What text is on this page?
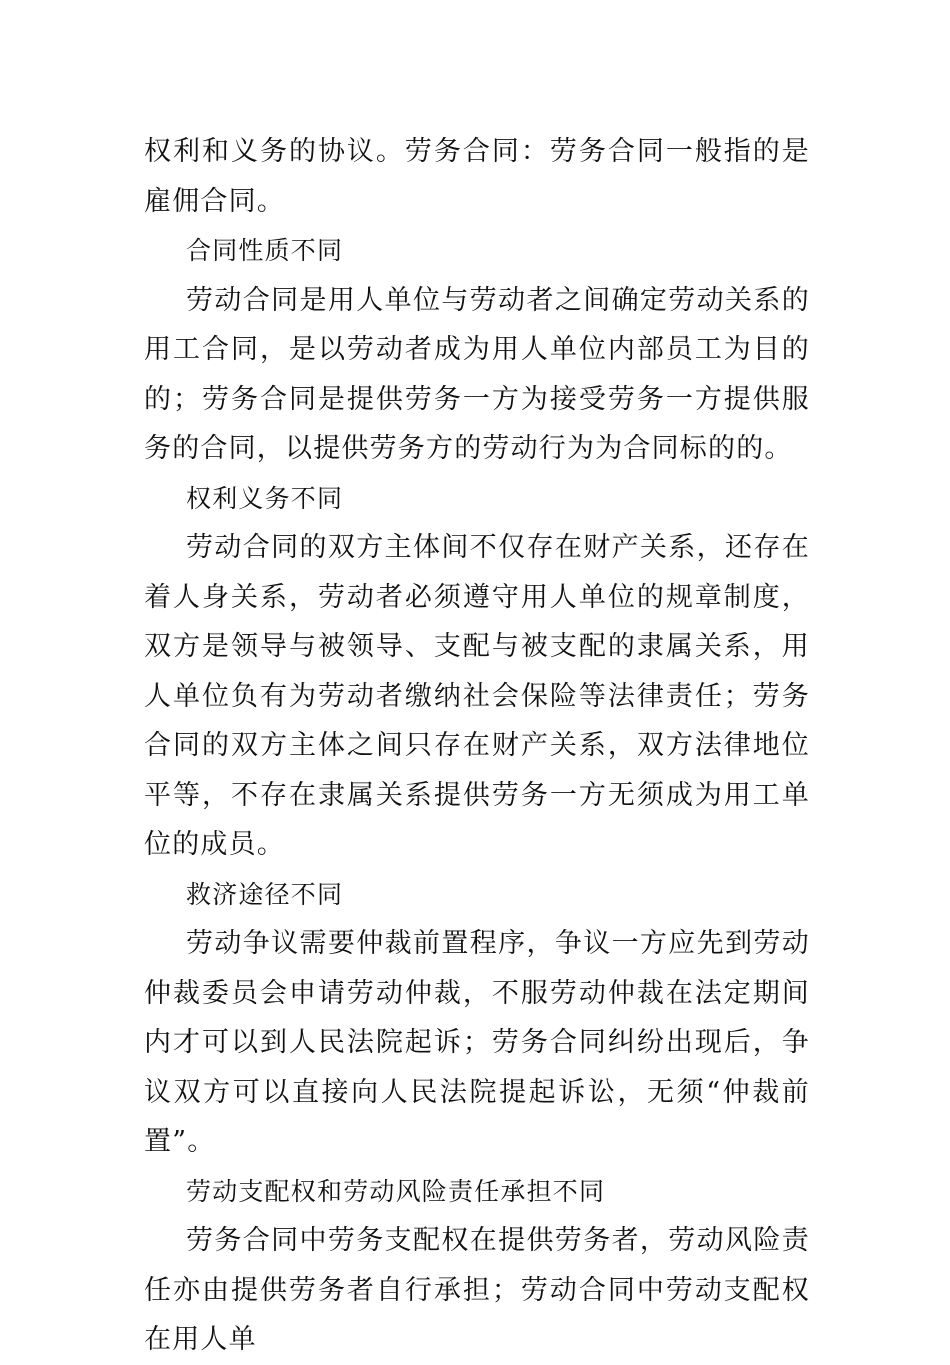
权利和义务的协议。劳务合同：劳务合同一般指的是雇佣合同。

合同性质不同

劳动合同是用人单位与劳动者之间确定劳动关系的用工合同，是以劳动者成为用人单位内部员工为目的的；劳务合同是提供劳务一方为接受劳务一方提供服务的合同，以提供劳务方的劳动行为为合同标的的。

权利义务不同

劳动合同的双方主体间不仅存在财产关系，还存在着人身关系，劳动者必须遵守用人单位的规章制度，双方是领导与被领导、支配与被支配的隶属关系，用人单位负有为劳动者缴纳社会保险等法律责任；劳务合同的双方主体之间只存在财产关系，双方法律地位平等，不存在隶属关系提供劳务一方无须成为用工单位的成员。

救济途径不同

劳动争议需要仲裁前置程序，争议一方应先到劳动仲裁委员会申请劳动仲裁，不服劳动仲裁在法定期间内才可以到人民法院起诉；劳务合同纠纷出现后，争议双方可以直接向人民法院提起诉讼，无须“仲裁前置”。

劳动支配权和劳动风险责任承担不同

劳务合同中劳务支配权在提供劳务者，劳动风险责任亦由提供劳务者自行承担；劳动合同中劳动支配权在用人单
